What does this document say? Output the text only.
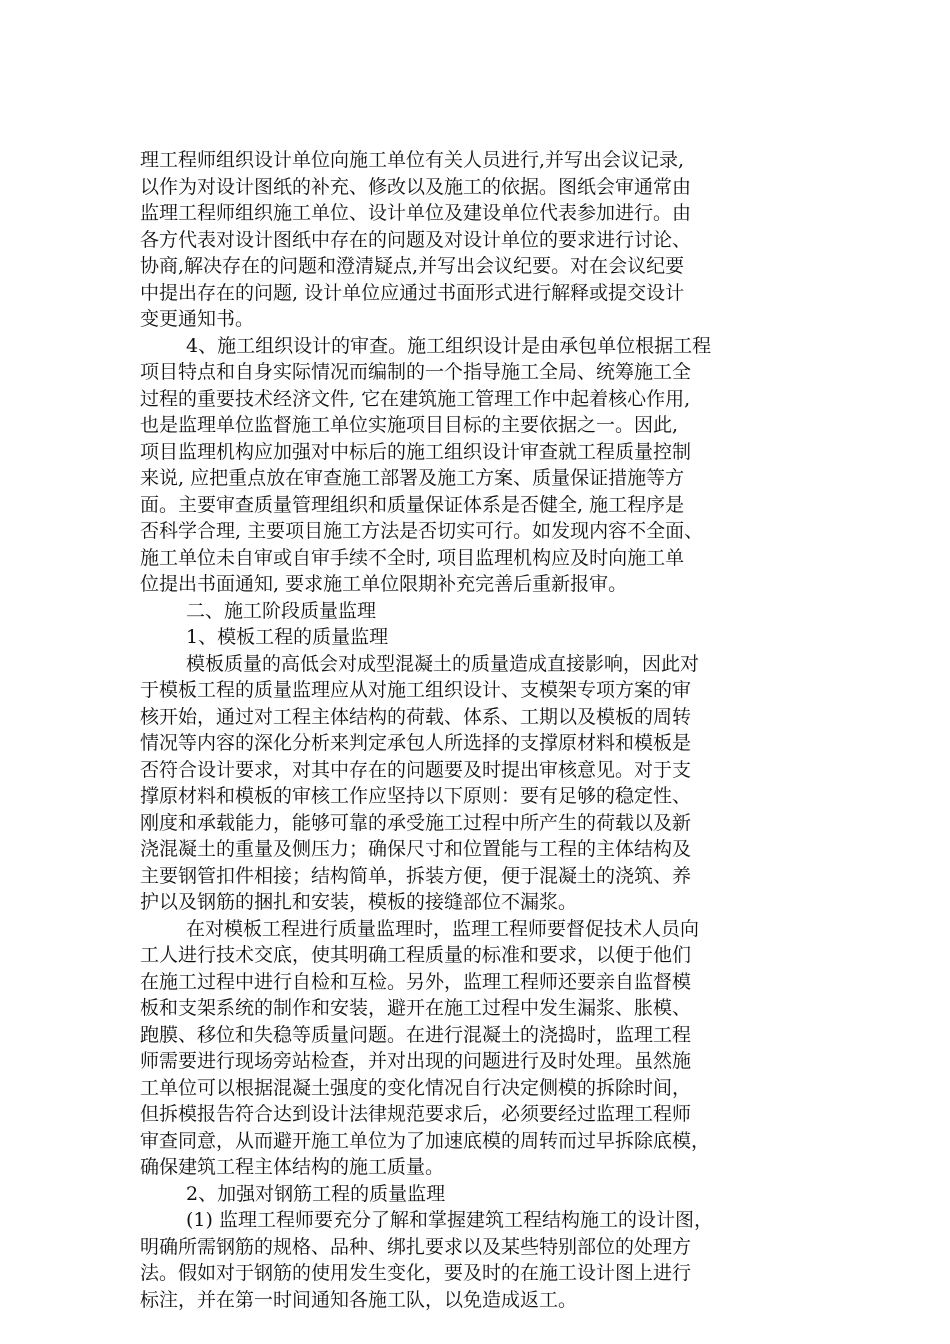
理工程师组织设计单位向施工单位有关人员进行,并写出会议记录,
以作为对设计图纸的补充、修改以及施工的依据。图纸会审通常由
监理工程师组织施工单位、设计单位及建设单位代表参加进行。由
各方代表对设计图纸中存在的问题及对设计单位的要求进行讨论、
协商,解决存在的问题和澄清疑点,并写出会议纪要。对在会议纪要
中提出存在的问题, 设计单位应通过书面形式进行解释或提交设计
变更通知书。
4、施工组织设计的审查。施工组织设计是由承包单位根据工程
项目特点和自身实际情况而编制的一个指导施工全局、统筹施工全
过程的重要技术经济文件, 它在建筑施工管理工作中起着核心作用,
也是监理单位监督施工单位实施项目目标的主要依据之一。因此,
项目监理机构应加强对中标后的施工组织设计审查就工程质量控制
来说, 应把重点放在审查施工部署及施工方案、质量保证措施等方
面。主要审查质量管理组织和质量保证体系是否健全, 施工程序是
否科学合理, 主要项目施工方法是否切实可行。如发现内容不全面、
施工单位未自审或自审手续不全时, 项目监理机构应及时向施工单
位提出书面通知, 要求施工单位限期补充完善后重新报审。
二、施工阶段质量监理
1、模板工程的质量监理
模板质量的高低会对成型混凝土的质量造成直接影响，因此对
于模板工程的质量监理应从对施工组织设计、支模架专项方案的审
核开始，通过对工程主体结构的荷载、体系、工期以及模板的周转
情况等内容的深化分析来判定承包人所选择的支撑原材料和模板是
否符合设计要求，对其中存在的问题要及时提出审核意见。对于支
撑原材料和模板的审核工作应坚持以下原则：要有足够的稳定性、
刚度和承载能力，能够可靠的承受施工过程中所产生的荷载以及新
浇混凝土的重量及侧压力；确保尺寸和位置能与工程的主体结构及
主要钢管扣件相接；结构简单，拆装方便，便于混凝土的浇筑、养
护以及钢筋的捆扎和安装，模板的接缝部位不漏浆。
在对模板工程进行质量监理时，监理工程师要督促技术人员向
工人进行技术交底，使其明确工程质量的标准和要求，以便于他们
在施工过程中进行自检和互检。另外，监理工程师还要亲自监督模
板和支架系统的制作和安装，避开在施工过程中发生漏浆、胀模、
跑膜、移位和失稳等质量问题。在进行混凝土的浇捣时，监理工程
师需要进行现场旁站检查，并对出现的问题进行及时处理。虽然施
工单位可以根据混凝土强度的变化情况自行决定侧模的拆除时间，
但拆模报告符合达到设计法律规范要求后，必须要经过监理工程师
审查同意，从而避开施工单位为了加速底模的周转而过早拆除底模，
确保建筑工程主体结构的施工质量。
2、加强对钢筋工程的质量监理
(1) 监理工程师要充分了解和掌握建筑工程结构施工的设计图，
明确所需钢筋的规格、品种、绑扎要求以及某些特别部位的处理方
法。假如对于钢筋的使用发生变化，要及时的在施工设计图上进行
标注，并在第一时间通知各施工队，以免造成返工。
